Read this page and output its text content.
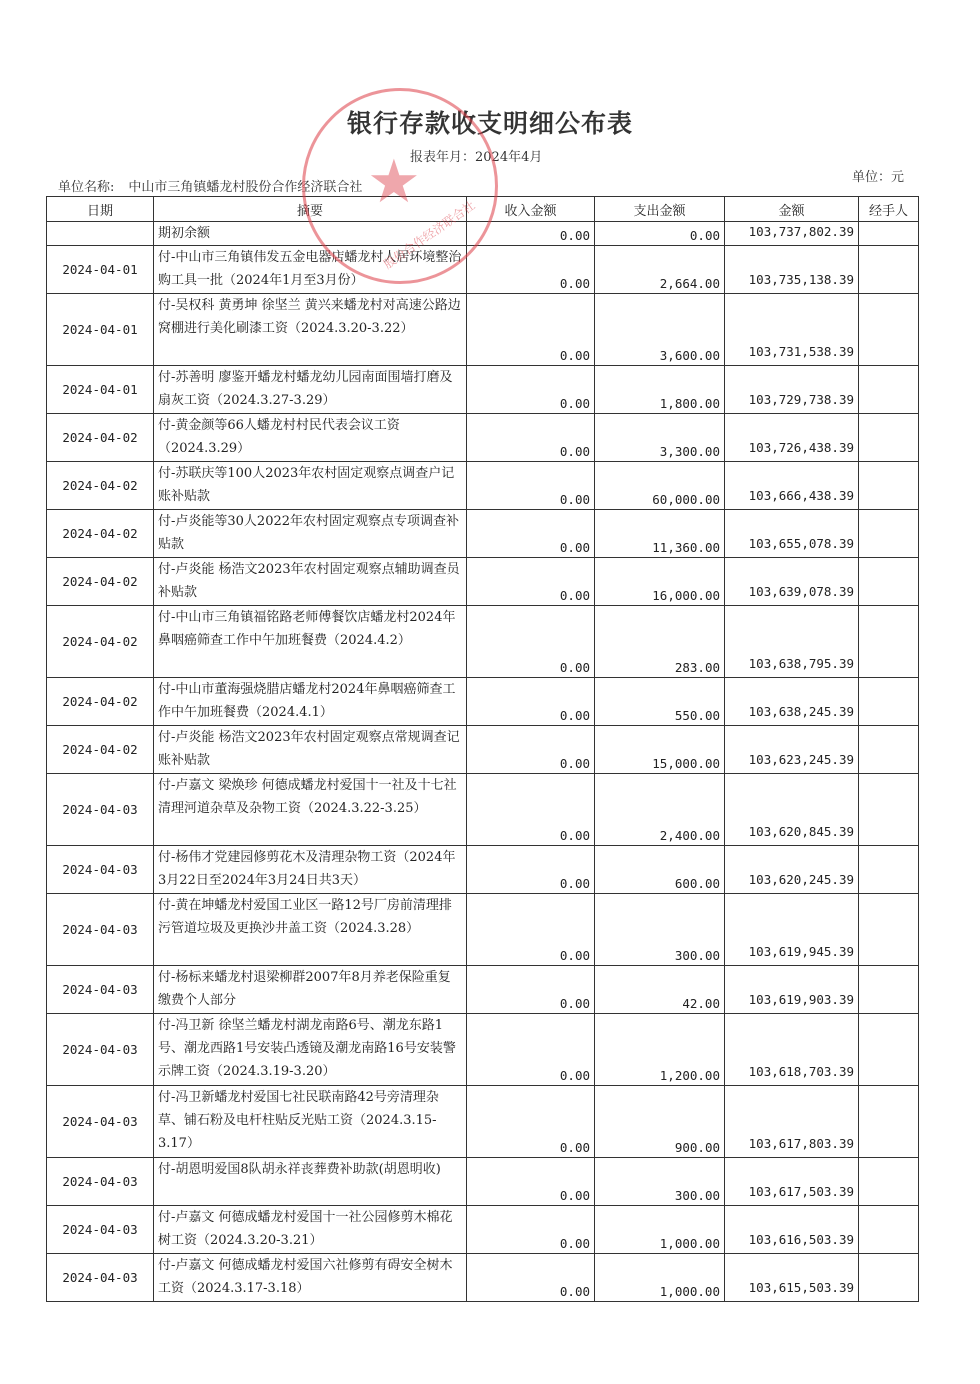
银行存款收支明细公布表
报表年月：2024年4月
单位名称: 中山市三角镇蟠龙村股份合作经济联合社
单位：元
日期	摘要	收入金额	支出金额	金额	经手人
	期初余额	0.00	0.00	103,737,802.39	
2024-04-01	付-中山市三角镇伟发五金电器店蟠龙村人居环境整治购工具一批（2024年1月至3月份）	0.00	2,664.00	103,735,138.39	
2024-04-01	付-吴权科 黄勇坤 徐坚兰 黄兴来蟠龙村对高速公路边窝棚进行美化刷漆工资（2024.3.20-3.22）	0.00	3,600.00	103,731,538.39	
2024-04-01	付-苏善明 廖鉴开蟠龙村蟠龙幼儿园南面围墙打磨及扇灰工资（2024.3.27-3.29）	0.00	1,800.00	103,729,738.39	
2024-04-02	付-黄金颜等66人蟠龙村村民代表会议工资（2024.3.29）	0.00	3,300.00	103,726,438.39	
2024-04-02	付-苏联庆等100人2023年农村固定观察点调查户记账补贴款	0.00	60,000.00	103,666,438.39	
2024-04-02	付-卢炎能等30人2022年农村固定观察点专项调查补贴款	0.00	11,360.00	103,655,078.39	
2024-04-02	付-卢炎能 杨浩文2023年农村固定观察点辅助调查员补贴款	0.00	16,000.00	103,639,078.39	
2024-04-02	付-中山市三角镇福铭路老师傅餐饮店蟠龙村2024年鼻咽癌筛查工作中午加班餐费（2024.4.2）	0.00	283.00	103,638,795.39	
2024-04-02	付-中山市董海强烧腊店蟠龙村2024年鼻咽癌筛查工作中午加班餐费（2024.4.1）	0.00	550.00	103,638,245.39	
2024-04-02	付-卢炎能 杨浩文2023年农村固定观察点常规调查记账补贴款	0.00	15,000.00	103,623,245.39	
2024-04-03	付-卢嘉文 梁焕珍 何德成蟠龙村爱国十一社及十七社清理河道杂草及杂物工资（2024.3.22-3.25）	0.00	2,400.00	103,620,845.39	
2024-04-03	付-杨伟才党建园修剪花木及清理杂物工资（2024年3月22日至2024年3月24日共3天）	0.00	600.00	103,620,245.39	
2024-04-03	付-黄在坤蟠龙村爱国工业区一路12号厂房前清理排污管道垃圾及更换沙井盖工资（2024.3.28）	0.00	300.00	103,619,945.39	
2024-04-03	付-杨标来蟠龙村退梁柳群2007年8月养老保险重复缴费个人部分	0.00	42.00	103,619,903.39	
2024-04-03	付-冯卫新 徐坚兰蟠龙村湖龙南路6号、潮龙东路1号、潮龙西路1号安装凸透镜及潮龙南路16号安装警示牌工资（2024.3.19-3.20）	0.00	1,200.00	103,618,703.39	
2024-04-03	付-冯卫新蟠龙村爱国七社民联南路42号旁清理杂草、铺石粉及电杆柱贴反光贴工资（2024.3.15-3.17）	0.00	900.00	103,617,803.39	
2024-04-03	付-胡恩明爱国8队胡永祥丧葬费补助款(胡恩明收)	0.00	300.00	103,617,503.39	
2024-04-03	付-卢嘉文 何德成蟠龙村爱国十一社公园修剪木棉花树工资（2024.3.20-3.21）	0.00	1,000.00	103,616,503.39	
2024-04-03	付-卢嘉文 何德成蟠龙村爱国六社修剪有碍安全树木工资（2024.3.17-3.18）	0.00	1,000.00	103,615,503.39	
★
股份合作经济联合社
